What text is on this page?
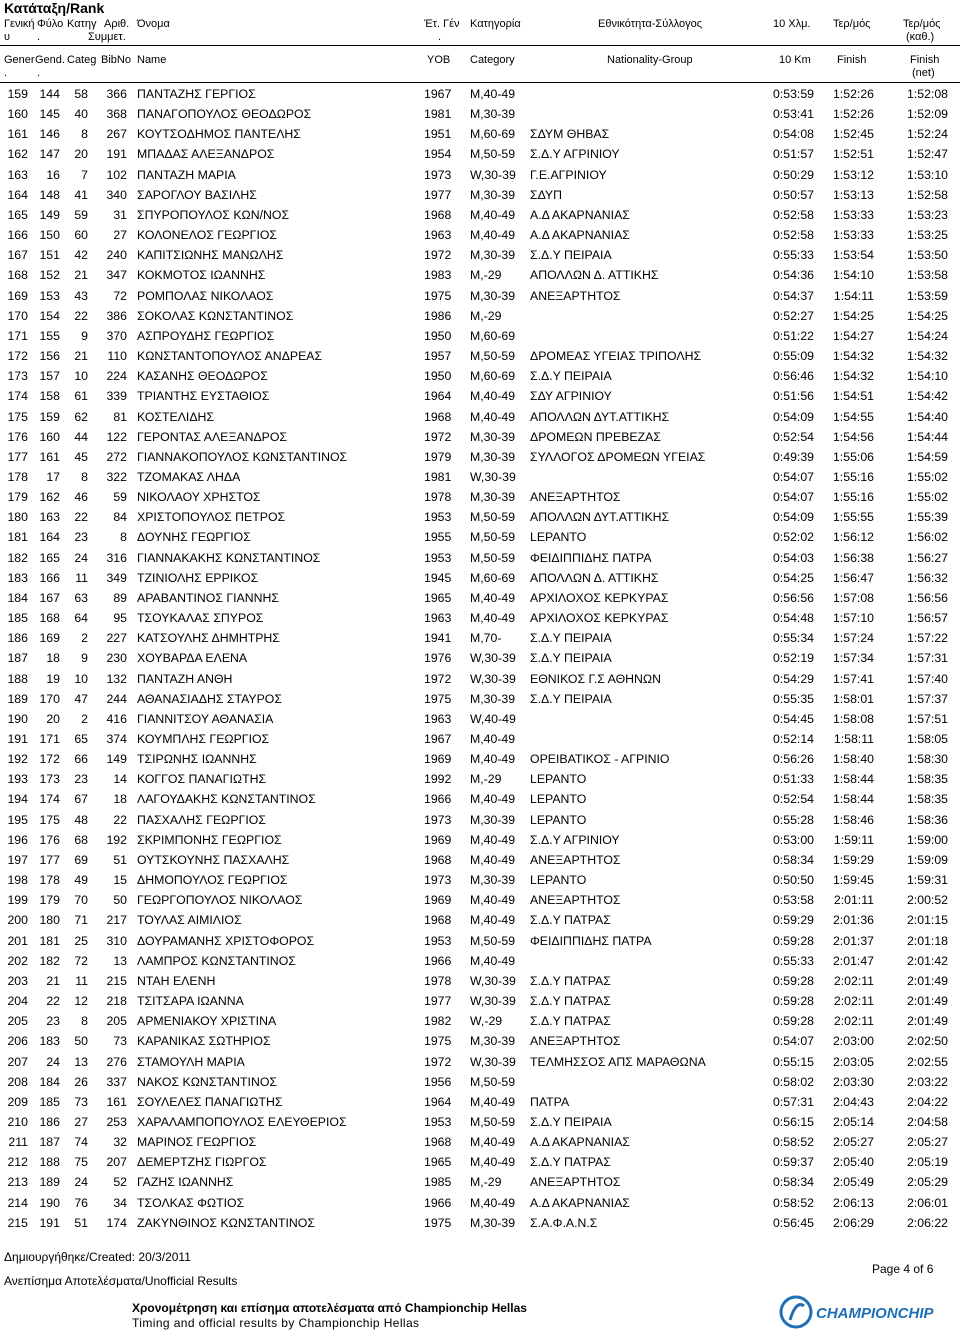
Κατάταξη/Rank
Γενική Φύλο Κατηγ Αριθ. Όνομα	Έτ. Γέν Κατηγορία	Εθνικότητα-Σύλλογος	10 Χλμ. Τερ/μός	Τερ/μός
υ .	Συμμετ.	.	(καθ.)
Gener Gend. Categ BibNo Name	YOB Category	Nationality-Group	10 Km Finish	Finish
.	.	(net)
159 144	58	366 ΠΑΝΤΑΖΗΣ ΓΕΡΓΙΟΣ	1967 M,40-49	0:53:59	1:52:26	1:52:08
160 145	40	368 ΠΑΝΑΓΟΠΟΥΛΟΣ ΘΕΟΔΩΡΟΣ	1981 M,30-39	0:53:41	1:52:26	1:52:09
161 146	8	267 ΚΟΥΤΣΟΔΗΜΟΣ ΠΑΝΤΕΛΗΣ	1951 M,60-69 ΣΔΥΜ ΘΗΒΑΣ	0:54:08	1:52:45	1:52:24
162 147	20	191 ΜΠΑΔΑΣ ΑΛΕΞΑΝΔΡΟΣ	1954 M,50-59 Σ.Δ.Υ ΑΓΡΙΝΙΟΥ	0:51:57	1:52:51	1:52:47
163	16	7	102 ΠΑΝΤΑΖΗ ΜΑΡΙΑ	1973 W,30-39 Γ.Ε.ΑΓΡΙΝΙΟΥ	0:50:29	1:53:12	1:53:10
164 148	41	340 ΣΑΡΟΓΛΟΥ ΒΑΣΙΛΗΣ	1977 M,30-39 ΣΔΥΠ	0:50:57	1:53:13	1:52:58
165 149	59	31 ΣΠΥΡΟΠΟΥΛΟΣ ΚΩΝ/ΝΟΣ	1968 M,40-49 Α.Δ ΑΚΑΡΝΑΝΙΑΣ	0:52:58	1:53:33	1:53:23
166 150	60	27 ΚΟΛΟΝΕΛΟΣ ΓΕΩΡΓΙΟΣ	1963 M,40-49 Α.Δ ΑΚΑΡΝΑΝΙΑΣ	0:52:58	1:53:33	1:53:25
167 151	42	240 ΚΑΠΙΤΣΙΩΝΗΣ ΜΑΝΩΛΗΣ	1972 M,30-39 Σ.Δ.Υ ΠΕΙΡΑΙΑ	0:55:33	1:53:54	1:53:50
168 152	21	347 ΚΟΚΜΟΤΟΣ ΙΩΑΝΝΗΣ	1983 M,-29 ΑΠΟΛΛΩΝ Δ. ΑΤΤΙΚΗΣ	0:54:36	1:54:10	1:53:58
169 153	43	72 ΡΟΜΠΟΛΑΣ ΝΙΚΟΛΑΟΣ	1975 M,30-39 ΑΝΕΞΑΡΤΗΤΟΣ	0:54:37	1:54:11	1:53:59
170 154	22	386 ΣΟΚΟΛΑΣ ΚΩΝΣΤΑΝΤΙΝΟΣ	1986 M,-29	0:52:27	1:54:25	1:54:25
171 155	9	370 ΑΣΠΡΟΥΔΗΣ ΓΕΩΡΓΙΟΣ	1950 M,60-69	0:51:22	1:54:27	1:54:24
172 156	21	110 ΚΩΝΣΤΑΝΤΟΠΟΥΛΟΣ ΑΝΔΡΕΑΣ	1957 M,50-59 ΔΡΟΜΕΑΣ ΥΓΕΙΑΣ ΤΡΙΠΟΛΗΣ	0:55:09	1:54:32	1:54:32
173 157	10	224 ΚΑΣΑΝΗΣ ΘΕΟΔΩΡΟΣ	1950 M,60-69 Σ.Δ.Υ ΠΕΙΡΑΙΑ	0:56:46	1:54:32	1:54:10
174 158	61	339 ΤΡΙΑΝΤΗΣ ΕΥΣΤΑΘΙΟΣ	1964 M,40-49 ΣΔΥ ΑΓΡΙΝΙΟΥ	0:51:56	1:54:51	1:54:42
175 159	62	81 ΚΟΣΤΕΛΙΔΗΣ	1968 M,40-49 ΑΠΟΛΛΩΝ ΔΥΤ.ΑΤΤΙΚΗΣ	0:54:09	1:54:55	1:54:40
176 160	44	122 ΓΕΡΟΝΤΑΣ ΑΛΕΞΑΝΔΡΟΣ	1972 M,30-39 ΔΡΟΜΕΩΝ ΠΡΕΒΕΖΑΣ	0:52:54	1:54:56	1:54:44
177 161	45	272 ΓΙΑΝΝΑΚΟΠΟΥΛΟΣ ΚΩΝΣΤΑΝΤΙΝΟΣ	1979 M,30-39 ΣΥΛΛΟΓΟΣ ΔΡΟΜΕΩΝ ΥΓΕΙΑΣ	0:49:39	1:55:06	1:54:59
178	17	8	322 ΤΖΟΜΑΚΑΣ ΛΗΔΑ	1981 W,30-39	0:54:07	1:55:16	1:55:02
179 162	46	59 ΝΙΚΟΛΑΟΥ ΧΡΗΣΤΟΣ	1978 M,30-39 ΑΝΕΞΑΡΤΗΤΟΣ	0:54:07	1:55:16	1:55:02
180 163	22	84 ΧΡΙΣΤΟΠΟΥΛΟΣ ΠΕΤΡΟΣ	1953 M,50-59 ΑΠΟΛΛΩΝ ΔΥΤ.ΑΤΤΙΚΗΣ	0:54:09	1:55:55	1:55:39
181 164	23	8 ΔΟΥΝΗΣ ΓΕΩΡΓΙΟΣ	1955 M,50-59 LEPANTO	0:52:02	1:56:12	1:56:02
182 165	24	316 ΓΙΑΝΝΑΚΑΚΗΣ ΚΩΝΣΤΑΝΤΙΝΟΣ	1953 M,50-59 ΦΕΙΔΙΠΠΙΔΗΣ ΠΑΤΡΑ	0:54:03	1:56:38	1:56:27
183 166	11	349 ΤΖΙΝΙΟΛΗΣ ΕΡΡΙΚΟΣ	1945 M,60-69 ΑΠΟΛΛΩΝ Δ. ΑΤΤΙΚΗΣ	0:54:25	1:56:47	1:56:32
184 167	63	89 ΑΡΑΒΑΝΤΙΝΟΣ ΓΙΑΝΝΗΣ	1965 M,40-49 ΑΡΧΙΛΟΧΟΣ ΚΕΡΚΥΡΑΣ	0:56:56	1:57:08	1:56:56
185 168	64	95 ΤΣΟΥΚΑΛΑΣ ΣΠΥΡΟΣ	1963 M,40-49 ΑΡΧΙΛΟΧΟΣ ΚΕΡΚΥΡΑΣ	0:54:48	1:57:10	1:56:57
186 169	2	227 ΚΑΤΣΟΥΛΗΣ ΔΗΜΗΤΡΗΣ	1941 M,70- Σ.Δ.Υ ΠΕΙΡΑΙΑ	0:55:34	1:57:24	1:57:22
187	18	9	230 ΧΟΥΒΑΡΔΑ ΕΛΕΝΑ	1976 W,30-39 Σ.Δ.Υ ΠΕΙΡΑΙΑ	0:52:19	1:57:34	1:57:31
188	19	10	132 ΠΑΝΤΑΖΗ ΑΝΘΗ	1972 W,30-39 ΕΘΝΙΚΟΣ Γ.Σ ΑΘΗΝΩΝ	0:54:29	1:57:41	1:57:40
189 170	47	244 ΑΘΑΝΑΣΙΑΔΗΣ ΣΤΑΥΡΟΣ	1975 M,30-39 Σ.Δ.Υ ΠΕΙΡΑΙΑ	0:55:35	1:58:01	1:57:37
190	20	2	416 ΓΙΑΝΝΙΤΣΟΥ ΑΘΑΝΑΣΙΑ	1963 W,40-49	0:54:45	1:58:08	1:57:51
191 171	65	374 ΚΟΥΜΠΛΗΣ ΓΕΩΡΓΙΟΣ	1967 M,40-49	0:52:14	1:58:11	1:58:05
192 172	66	149 ΤΣΙΡΩΝΗΣ ΙΩΑΝΝΗΣ	1969 M,40-49 ΟΡΕΙΒΑΤΙΚΟΣ - ΑΓΡΙΝΙΟ	0:56:26	1:58:40	1:58:30
193 173	23	14 ΚΟΓΓΟΣ ΠΑΝΑΓΙΩΤΗΣ	1992 M,-29 LEPANTO	0:51:33	1:58:44	1:58:35
194 174	67	18 ΛΑΓΟΥΔΑΚΗΣ ΚΩΝΣΤΑΝΤΙΝΟΣ	1966 M,40-49 LEPANTO	0:52:54	1:58:44	1:58:35
195 175	48	22 ΠΑΣΧΑΛΗΣ ΓΕΩΡΓΙΟΣ	1973 M,30-39 LEPANTO	0:55:28	1:58:46	1:58:36
196 176	68	192 ΣΚΡΙΜΠΟΝΗΣ ΓΕΩΡΓΙΟΣ	1969 M,40-49 Σ.Δ.Υ ΑΓΡΙΝΙΟΥ	0:53:00	1:59:11	1:59:00
197 177	69	51 ΟΥΤΣΚΟΥΝΗΣ ΠΑΣΧΑΛΗΣ	1968 M,40-49 ΑΝΕΞΑΡΤΗΤΟΣ	0:58:34	1:59:29	1:59:09
198 178	49	15 ΔΗΜΟΠΟΥΛΟΣ ΓΕΩΡΓΙΟΣ	1973 M,30-39 LEPANTO	0:50:50	1:59:45	1:59:31
199 179	70	50 ΓΕΩΡΓΟΠΟΥΛΟΣ ΝΙΚΟΛΑΟΣ	1969 M,40-49 ΑΝΕΞΑΡΤΗΤΟΣ	0:53:58	2:01:11	2:00:52
200 180	71	217 ΤΟΥΛΑΣ ΑΙΜΙΛΙΟΣ	1968 M,40-49 Σ.Δ.Υ ΠΑΤΡΑΣ	0:59:29	2:01:36	2:01:15
201 181	25	310 ΔΟΥΡΑΜΑΝΗΣ ΧΡΙΣΤΟΦΟΡΟΣ	1953 M,50-59 ΦΕΙΔΙΠΠΙΔΗΣ ΠΑΤΡΑ	0:59:28	2:01:37	2:01:18
202 182	72	13 ΛΑΜΠΡΟΣ ΚΩΝΣΤΑΝΤΙΝΟΣ	1966 M,40-49	0:55:33	2:01:47	2:01:42
203	21	11	215 ΝΤΑΗ ΕΛΕΝΗ	1978 W,30-39 Σ.Δ.Υ ΠΑΤΡΑΣ	0:59:28	2:02:11	2:01:49
204	22	12	218 ΤΣΙΤΣΑΡΑ ΙΩΑΝΝΑ	1977 W,30-39 Σ.Δ.Υ ΠΑΤΡΑΣ	0:59:28	2:02:11	2:01:49
205	23	8	205 ΑΡΜΕΝΙΑΚΟΥ ΧΡΙΣΤΙΝΑ	1982 W,-29 Σ.Δ.Υ ΠΑΤΡΑΣ	0:59:28	2:02:11	2:01:49
206 183	50	73 ΚΑΡΑΝΙΚΑΣ ΣΩΤΗΡΙΟΣ	1975 M,30-39 ΑΝΕΞΑΡΤΗΤΟΣ	0:54:07	2:03:00	2:02:50
207	24	13	276 ΣΤΑΜΟΥΛΗ ΜΑΡΙΑ	1972 W,30-39 ΤΕΛΜΗΣΣΟΣ ΑΠΣ ΜΑΡΑΘΩΝΑ	0:55:15	2:03:05	2:02:55
208 184	26	337 ΝΑΚΟΣ ΚΩΝΣΤΑΝΤΙΝΟΣ	1956 M,50-59	0:58:02	2:03:30	2:03:22
209 185	73	161 ΣΟΥΛΕΛΕΣ ΠΑΝΑΓΙΩΤΗΣ	1964 M,40-49 ΠΑΤΡΑ	0:57:31	2:04:43	2:04:22
210 186	27	253 ΧΑΡΑΛΑΜΠΟΠΟΥΛΟΣ ΕΛΕΥΘΕΡΙΟΣ	1953 M,50-59 Σ.Δ.Υ ΠΕΙΡΑΙΑ	0:56:15	2:05:14	2:04:58
211 187	74	32 ΜΑΡΙΝΟΣ ΓΕΩΡΓΙΟΣ	1968 M,40-49 Α.Δ ΑΚΑΡΝΑΝΙΑΣ	0:58:52	2:05:27	2:05:27
212 188	75	207 ΔΕΜΕΡΤΖΗΣ ΓΙΩΡΓΟΣ	1965 M,40-49 Σ.Δ.Υ ΠΑΤΡΑΣ	0:59:37	2:05:40	2:05:19
213 189	24	52 ΓΑΖΗΣ ΙΩΑΝΝΗΣ	1985 M,-29 ΑΝΕΞΑΡΤΗΤΟΣ	0:58:34	2:05:49	2:05:29
214 190	76	34 ΤΣΟΛΚΑΣ ΦΩΤΙΟΣ	1966 M,40-49 Α.Δ ΑΚΑΡΝΑΝΙΑΣ	0:58:52	2:06:13	2:06:01
215 191	51	174 ΖΑΚΥΝΘΙΝΟΣ ΚΩΝΣΤΑΝΤΙΝΟΣ	1975 M,30-39 Σ.Α.Φ.Α.Ν.Σ	0:56:45	2:06:29	2:06:22
Δημιουργήθηκε/Created: 20/3/2011
Ανεπίσημα Αποτελέσματα/Unofficial Results
Page 4 of 6
Χρονομέτρηση και επίσημα αποτελέσματα από Championchip Hellas
Timing and official results by Championchip Hellas
CHAMPIONCHIP
